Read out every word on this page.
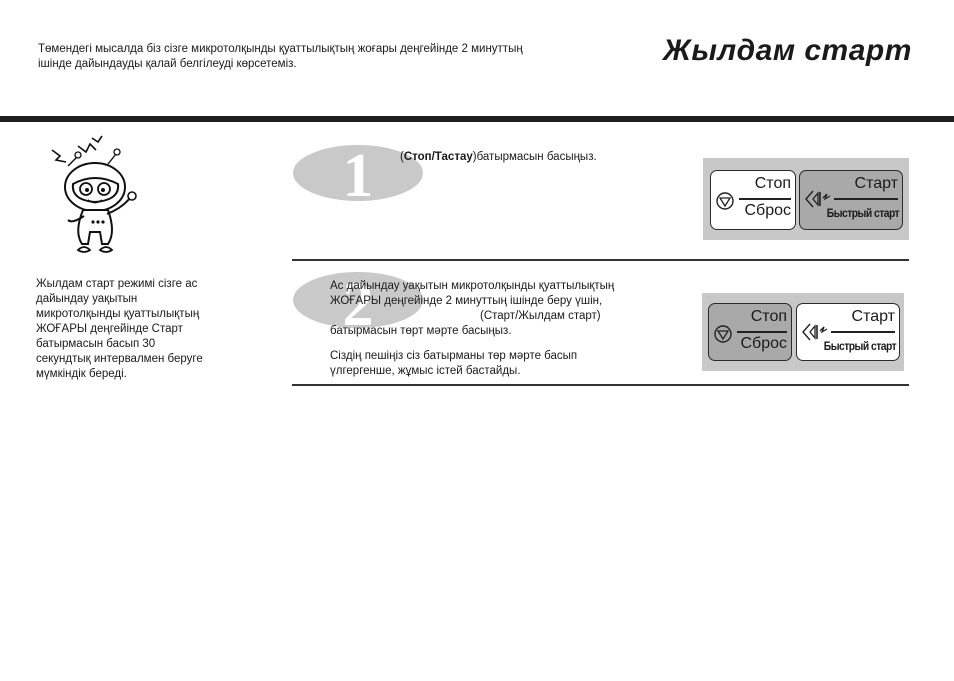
Төмендегі мысалда біз сізге микротолқынды қуаттылықтың жоғары деңгейінде 2 минуттың
ішінде дайындауды қалай белгілеуді көрсетеміз.	Жылдам старт
Жылдам старт режимі сізге ас
дайындау уақытын
микротолқынды қуаттылықтың
ЖОҒАРЫ деңгейінде Старт
батырмасын басып 30
секундтық интервалмен беруге
мүмкіндік береді.
1 (Стоп/Тастау)батырмасын басыңыз.
Стоп
Сброс
Старт
Быстрый старт
2

Ас дайындау уақытын микротолқынды қуаттылықтың

ЖОҒАРЫ деңгейінде 2 минуттың ішінде беру үшін,

(Старт/Жылдам старт)

батырмасын төрт мәрте басыңыз.

Сіздің пешіңіз сіз батырманы төр мәрте басып

үлгергенше, жұмыс істей бастайды.

Стоп
Сброс
Старт
Быстрый старт
